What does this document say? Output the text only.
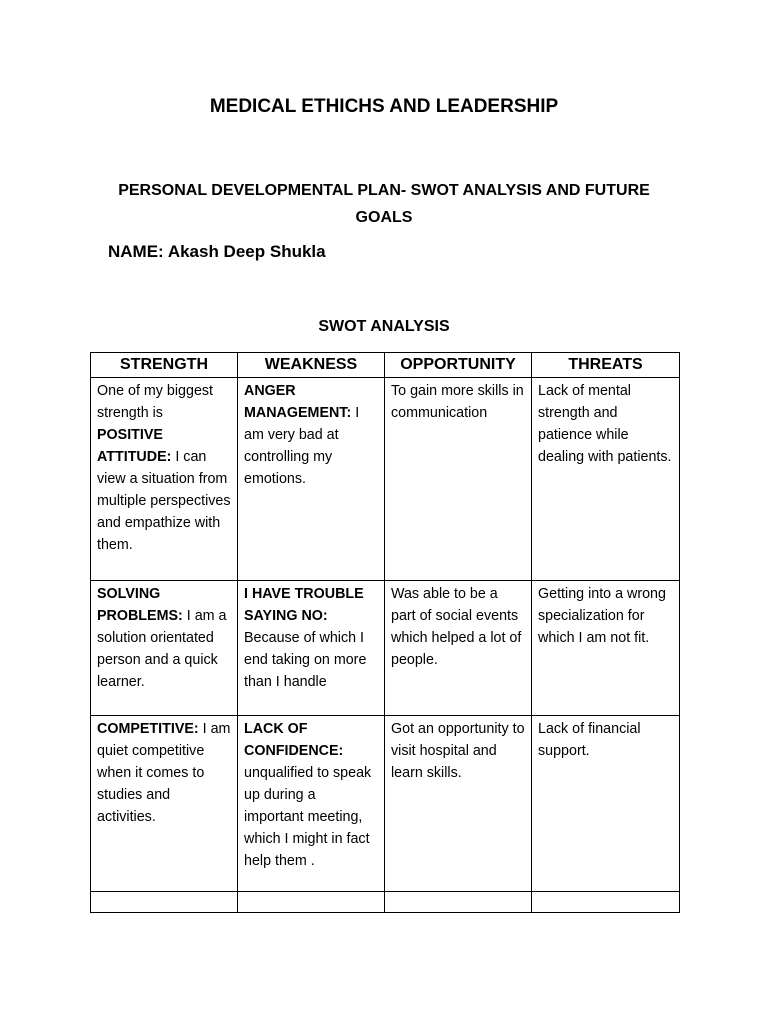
MEDICAL ETHICHS AND LEADERSHIP
PERSONAL DEVELOPMENTAL PLAN- SWOT ANALYSIS AND FUTURE GOALS
NAME: Akash Deep Shukla
SWOT ANALYSIS
STRENGTH	WEAKNESS	OPPORTUNITY	THREATS
One of my biggest strength is POSITIVE ATTITUDE: I can view a situation from multiple perspectives and empathize with them.	ANGER MANAGEMENT: I am very bad at controlling my emotions.	To gain more skills in communication	Lack of mental strength and patience while dealing with patients.
SOLVING PROBLEMS: I am a solution orientated person and a quick learner.	I HAVE TROUBLE SAYING NO: Because of which I end taking on more than I handle	Was able to be a part of social events which helped a lot of people.	Getting into a wrong specialization for which I am not fit.
COMPETITIVE: I am quiet competitive when it comes to studies and activities.	LACK OF CONFIDENCE: unqualified to speak up during a important meeting, which I might in fact help them .	Got an opportunity to visit hospital and learn skills.	Lack of financial support.
